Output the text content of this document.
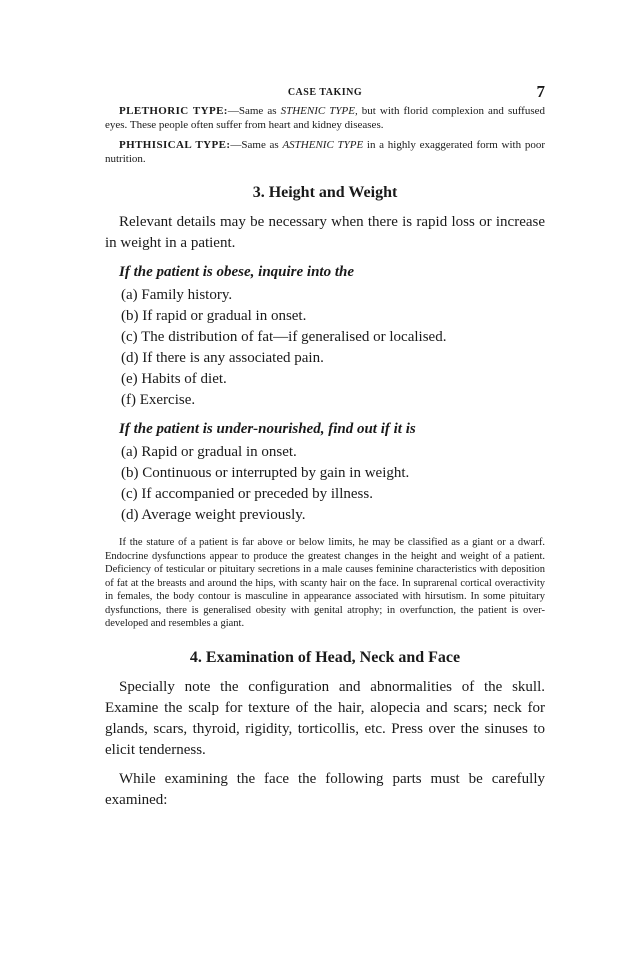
CASE TAKING	7

PLETHORIC TYPE:—Same as STHENIC TYPE, but with florid complexion and suffused eyes. These people often suffer from heart and kidney diseases.

PHTHISICAL TYPE:—Same as ASTHENIC TYPE in a highly exaggerated form with poor nutrition.

3. Height and Weight

Relevant details may be necessary when there is rapid loss or increase in weight in a patient.

If the patient is obese, inquire into the
(a) Family history.
(b) If rapid or gradual in onset.
(c) The distribution of fat—if generalised or localised.
(d) If there is any associated pain.
(e) Habits of diet.
(f) Exercise.
If the patient is under-nourished, find out if it is
(a) Rapid or gradual in onset.
(b) Continuous or interrupted by gain in weight.
(c) If accompanied or preceded by illness.
(d) Average weight previously.

If the stature of a patient is far above or below limits, he may be classified as a giant or a dwarf. Endocrine dysfunctions appear to produce the greatest changes in the height and weight of a patient. Deficiency of testicular or pituitary secretions in a male causes feminine characteristics with deposition of fat at the breasts and around the hips, with scanty hair on the face. In suprarenal cortical overactivity in females, the body contour is masculine in appearance associated with hirsutism. In some pituitary dysfunctions, there is generalised obesity with genital atrophy; in overfunction, the patient is over-developed and resembles a giant.

4. Examination of Head, Neck and Face

Specially note the configuration and abnormalities of the skull. Examine the scalp for texture of the hair, alopecia and scars; neck for glands, scars, thyroid, rigidity, torticollis, etc. Press over the sinuses to elicit tenderness.

While examining the face the following parts must be carefully examined:
